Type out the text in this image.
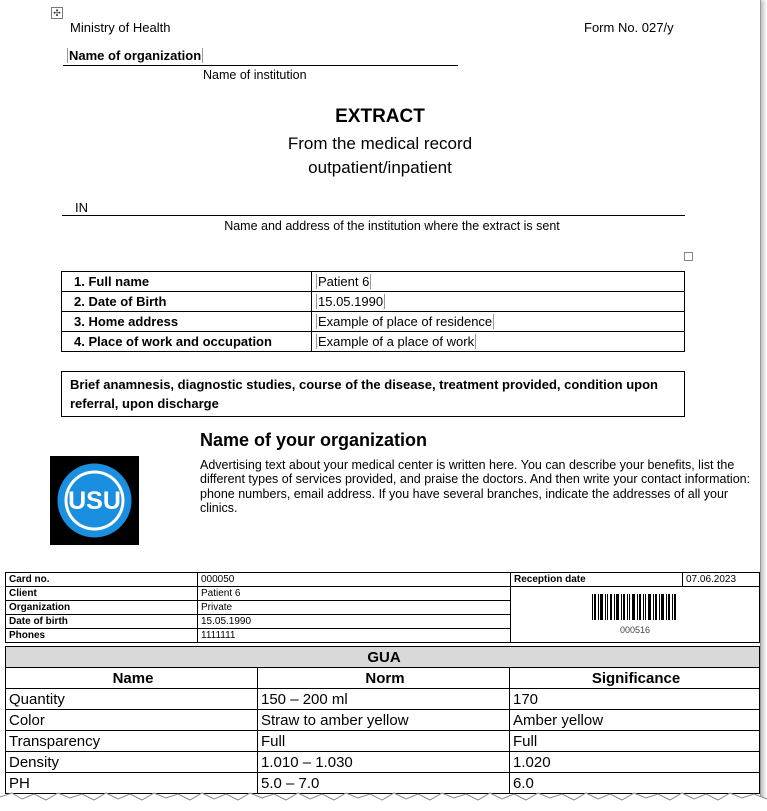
✣
Ministry of Health	Form No. 027/y
Name of organization
Name of institution
EXTRACT
From the medical record
outpatient/inpatient
IN
Name and address of the institution where the extract is sent
1. Full name	Patient 6
2. Date of Birth	15.05.1990
3. Home address	Example of place of residence
4. Place of work and occupation	Example of a place of work
Brief anamnesis, diagnostic studies, course of the disease, treatment provided, condition upon referral, upon discharge
USU
Name of your organization
Advertising text about your medical center is written here. You can describe your benefits, list the different types of services provided, and praise the doctors. And then write your contact information: phone numbers, email address. If you have several branches, indicate the addresses of all your clinics.
Card no.	000050	Reception date	07.06.2023
Client	Patient 6	000516	

Organization	Private		
Date of birth	15.05.1990		
Phones	1111111		
GUA		
Name	Norm	Significance
Quantity	150 – 200 ml	170
Color	Straw to amber yellow	Amber yellow
Transparency	Full	Full
Density	1.010 – 1.030	1.020
PH	5.0 – 7.0	6.0
